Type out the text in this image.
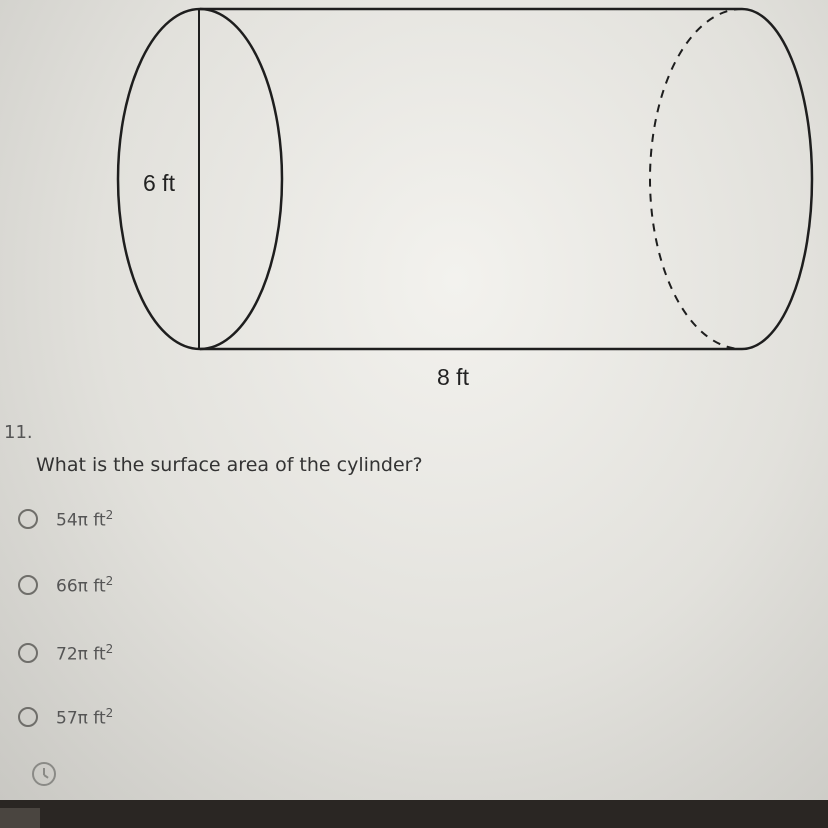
6 ft
8 ft
11.
What is the surface area of the cylinder?
54π $ft^2$
66π $ft^2$
72π $ft^2$
57π $ft^2$
